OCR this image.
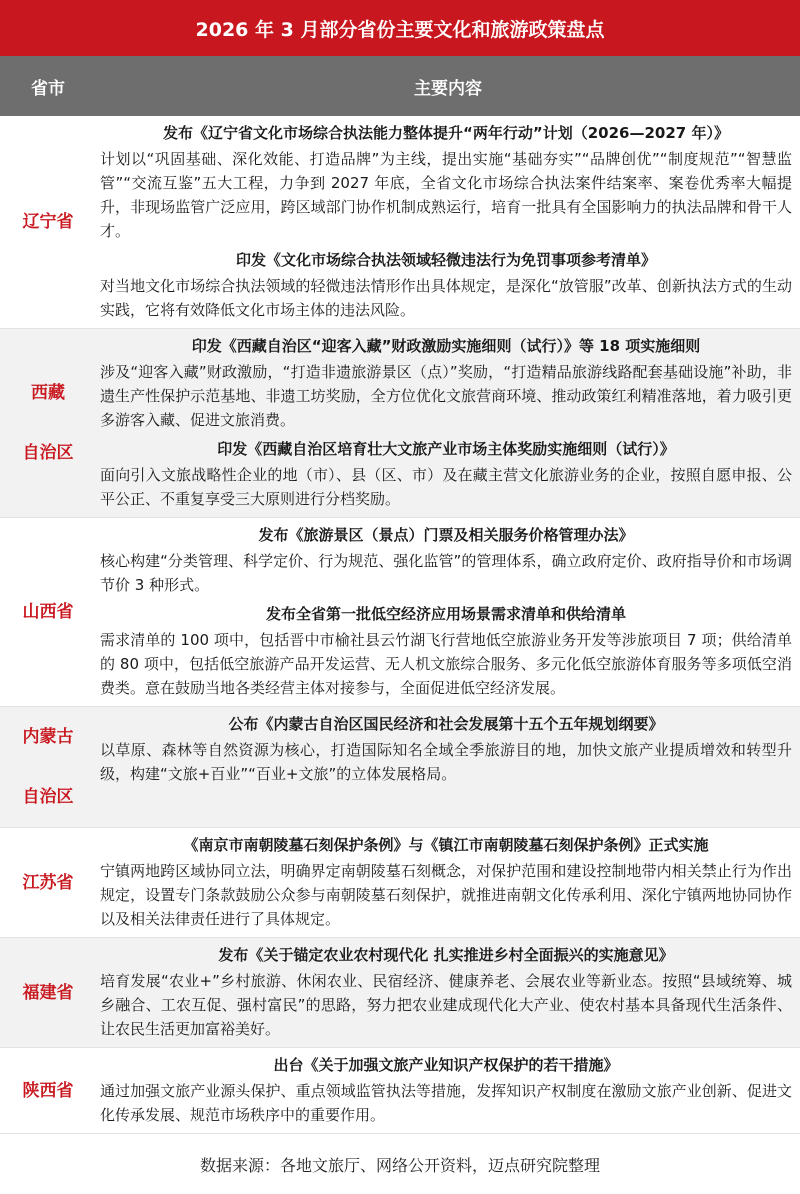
2026 年 3 月部分省份主要文化和旅游政策盘点
省市	主要内容
辽宁省
发布《辽宁省文化市场综合执法能力整体提升“两年行动”计划（2026—2027 年）》
计划以“巩固基础、深化效能、打造品牌”为主线，提出实施“基础夯实”“品牌创优”“制度规范”“智慧监管”“交流互鉴”五大工程，力争到 2027 年底，全省文化市场综合执法案件结案率、案卷优秀率大幅提升，非现场监管广泛应用，跨区域部门协作机制成熟运行，培育一批具有全国影响力的执法品牌和骨干人才。
印发《文化市场综合执法领域轻微违法行为免罚事项参考清单》
对当地文化市场综合执法领域的轻微违法情形作出具体规定，是深化“放管服”改革、创新执法方式的生动实践，它将有效降低文化市场主体的违法风险。
西藏
自治区
印发《西藏自治区“迎客入藏”财政激励实施细则（试行）》等 18 项实施细则
涉及“迎客入藏”财政激励，“打造非遗旅游景区（点）”奖励，“打造精品旅游线路配套基础设施”补助，非遗生产性保护示范基地、非遗工坊奖励，全方位优化文旅营商环境、推动政策红利精准落地，着力吸引更多游客入藏、促进文旅消费。
印发《西藏自治区培育壮大文旅产业市场主体奖励实施细则（试行）》
面向引入文旅战略性企业的地（市）、县（区、市）及在藏主营文化旅游业务的企业，按照自愿申报、公平公正、不重复享受三大原则进行分档奖励。
山西省
发布《旅游景区（景点）门票及相关服务价格管理办法》
核心构建“分类管理、科学定价、行为规范、强化监管”的管理体系，确立政府定价、政府指导价和市场调节价 3 种形式。
发布全省第一批低空经济应用场景需求清单和供给清单
需求清单的 100 项中，包括晋中市榆社县云竹湖飞行营地低空旅游业务开发等涉旅项目 7 项；供给清单的 80 项中，包括低空旅游产品开发运营、无人机文旅综合服务、多元化低空旅游体育服务等多项低空消费类。意在鼓励当地各类经营主体对接参与，全面促进低空经济发展。
内蒙古
自治区
公布《内蒙古自治区国民经济和社会发展第十五个五年规划纲要》
以草原、森林等自然资源为核心，打造国际知名全域全季旅游目的地，加快文旅产业提质增效和转型升级，构建“文旅+百业”“百业+文旅”的立体发展格局。
江苏省
《南京市南朝陵墓石刻保护条例》与《镇江市南朝陵墓石刻保护条例》正式实施
宁镇两地跨区域协同立法，明确界定南朝陵墓石刻概念，对保护范围和建设控制地带内相关禁止行为作出规定，设置专门条款鼓励公众参与南朝陵墓石刻保护，就推进南朝文化传承利用、深化宁镇两地协同协作以及相关法律责任进行了具体规定。
福建省
发布《关于锚定农业农村现代化 扎实推进乡村全面振兴的实施意见》
培育发展“农业+”乡村旅游、休闲农业、民宿经济、健康养老、会展农业等新业态。按照“县域统筹、城乡融合、工农互促、强村富民”的思路，努力把农业建成现代化大产业、使农村基本具备现代生活条件、让农民生活更加富裕美好。
陕西省
出台《关于加强文旅产业知识产权保护的若干措施》
通过加强文旅产业源头保护、重点领域监管执法等措施，发挥知识产权制度在激励文旅产业创新、促进文化传承发展、规范市场秩序中的重要作用。
数据来源：各地文旅厅、网络公开资料，迈点研究院整理
